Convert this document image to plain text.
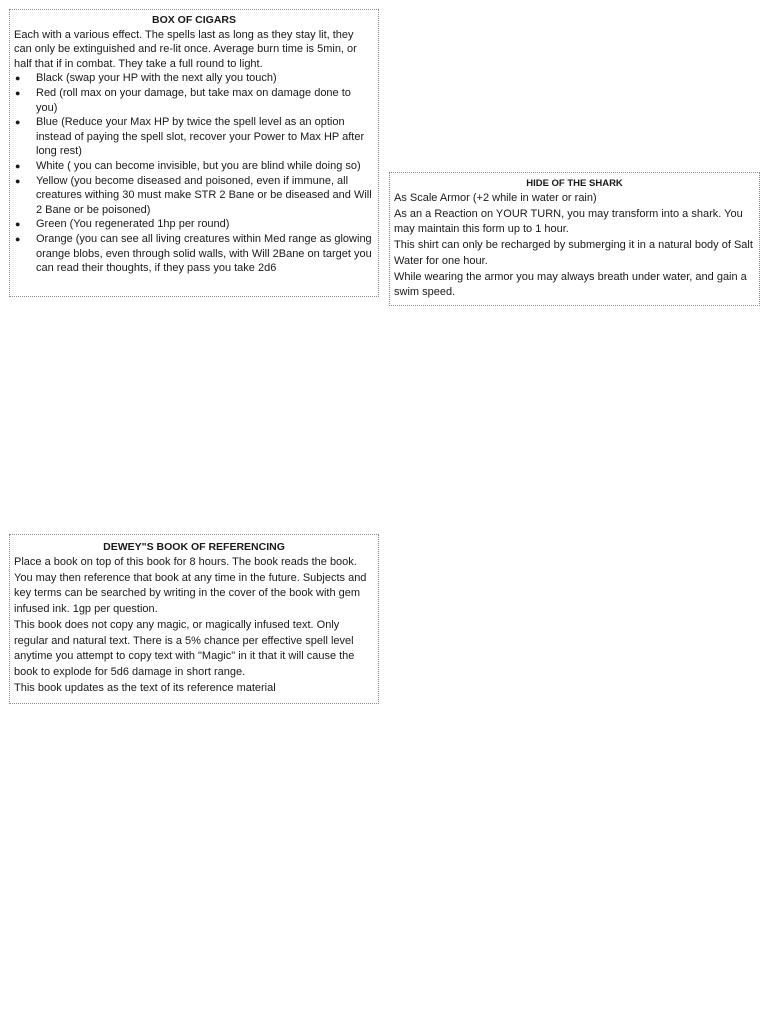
BOX OF CIGARS

Each with a various effect. The spells last as long as they stay lit, they can only be extinguished and re-lit once. Average burn time is 5min, or half that if in combat. They take a full round to light.

● Black (swap your HP with the next ally you touch)
● Red (roll max on your damage, but take max on damage done to you)
● Blue (Reduce your Max HP by twice the spell level as an option instead of paying the spell slot, recover your Power to Max HP after long rest)
● White ( you can become invisible, but you are blind while doing so)
● Yellow (you become diseased and poisoned, even if immune, all creatures withing 30 must make STR 2 Bane or be diseased and Will 2 Bane or be poisoned)
● Green (You regenerated 1hp per round)
● Orange (you can see all living creatures within Med range as glowing orange blobs, even through solid walls, with Will 2Bane on target you can read their thoughts, if they pass you take 2d6
HIDE OF THE SHARK

As Scale Armor (+2 while in water or rain)

As an a Reaction on YOUR TURN, you may transform into a shark. You may maintain this form up to 1 hour.

This shirt can only be recharged by submerging it in a natural body of Salt Water for one hour.

While wearing the armor you may always breath under water, and gain a swim speed.

DEWEY"S BOOK OF REFERENCING

Place a book on top of this book for 8 hours. The book reads the book. You may then reference that book at any time in the future. Subjects and key terms can be searched by writing in the cover of the book with gem infused ink. 1gp per question.

This book does not copy any magic, or magically infused text. Only regular and natural text. There is a 5% chance per effective spell level anytime you attempt to copy text with "Magic" in it that it will cause the book to explode for 5d6 damage in short range.

This book updates as the text of its reference material
